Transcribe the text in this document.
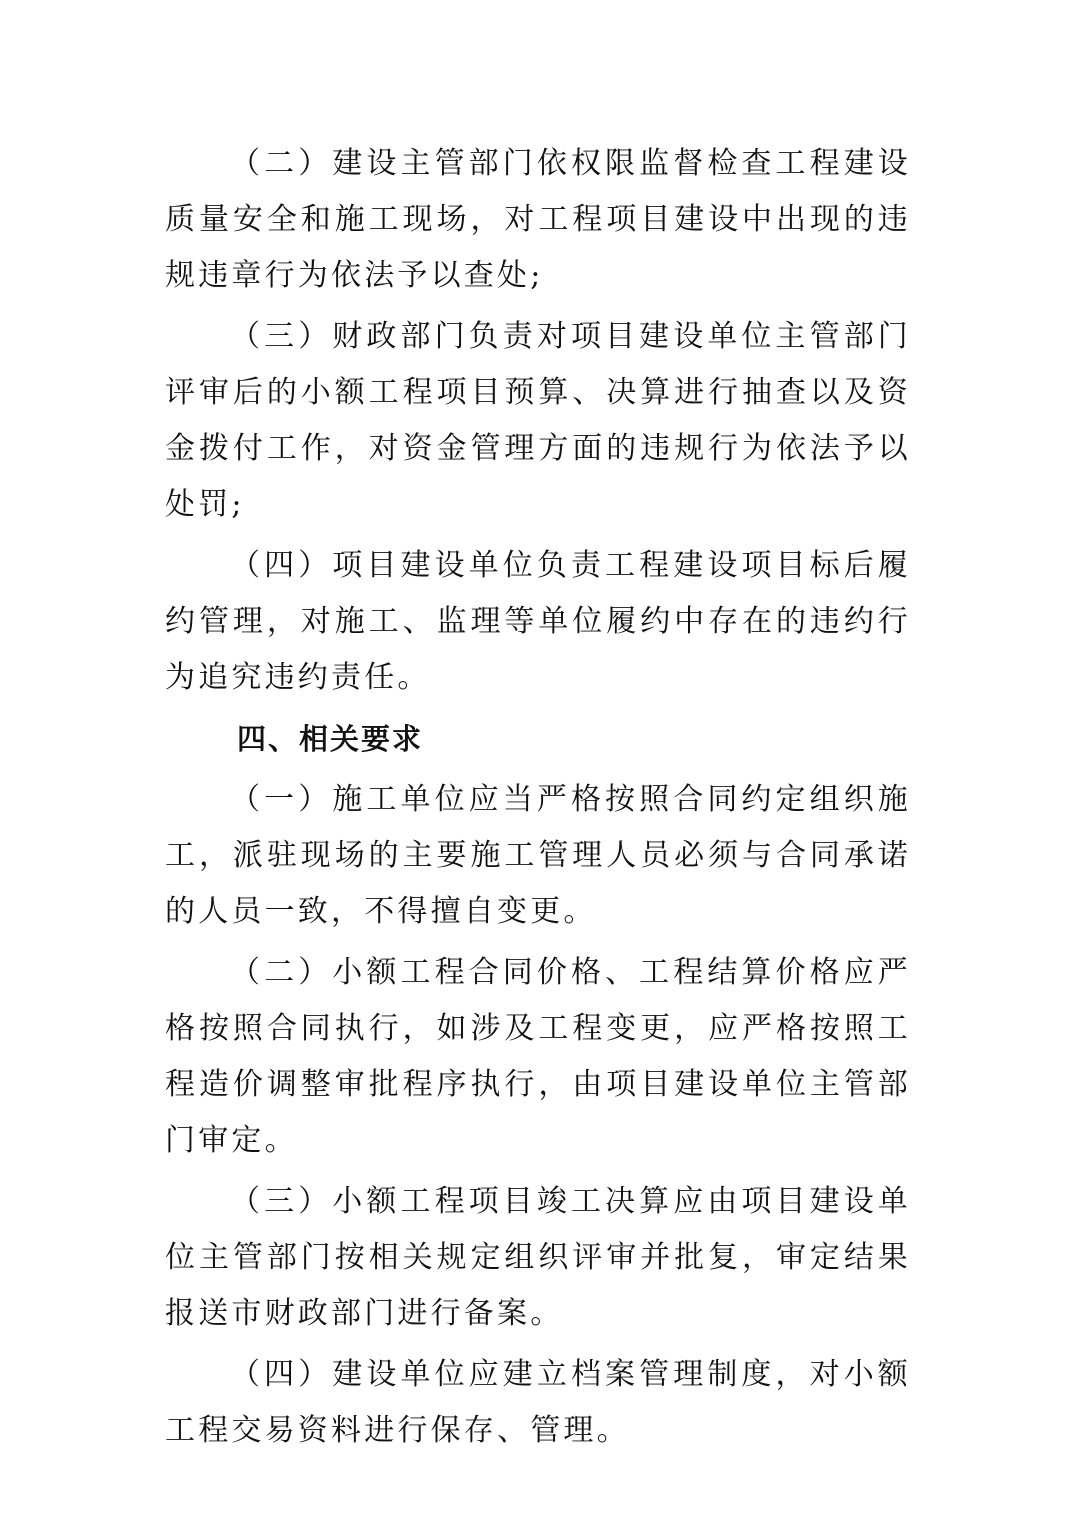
（二）建设主管部门依权限监督检查工程建设质量安全和施工现场，对工程项目建设中出现的违规违章行为依法予以查处;

（三）财政部门负责对项目建设单位主管部门评审后的小额工程项目预算、决算进行抽查以及资金拨付工作，对资金管理方面的违规行为依法予以处罚;

（四）项目建设单位负责工程建设项目标后履约管理，对施工、监理等单位履约中存在的违约行为追究违约责任。

四、相关要求

（一）施工单位应当严格按照合同约定组织施工，派驻现场的主要施工管理人员必须与合同承诺的人员一致，不得擅自变更。

（二）小额工程合同价格、工程结算价格应严格按照合同执行，如涉及工程变更，应严格按照工程造价调整审批程序执行，由项目建设单位主管部门审定。

（三）小额工程项目竣工决算应由项目建设单位主管部门按相关规定组织评审并批复，审定结果报送市财政部门进行备案。

（四）建设单位应建立档案管理制度，对小额工程交易资料进行保存、管理。
